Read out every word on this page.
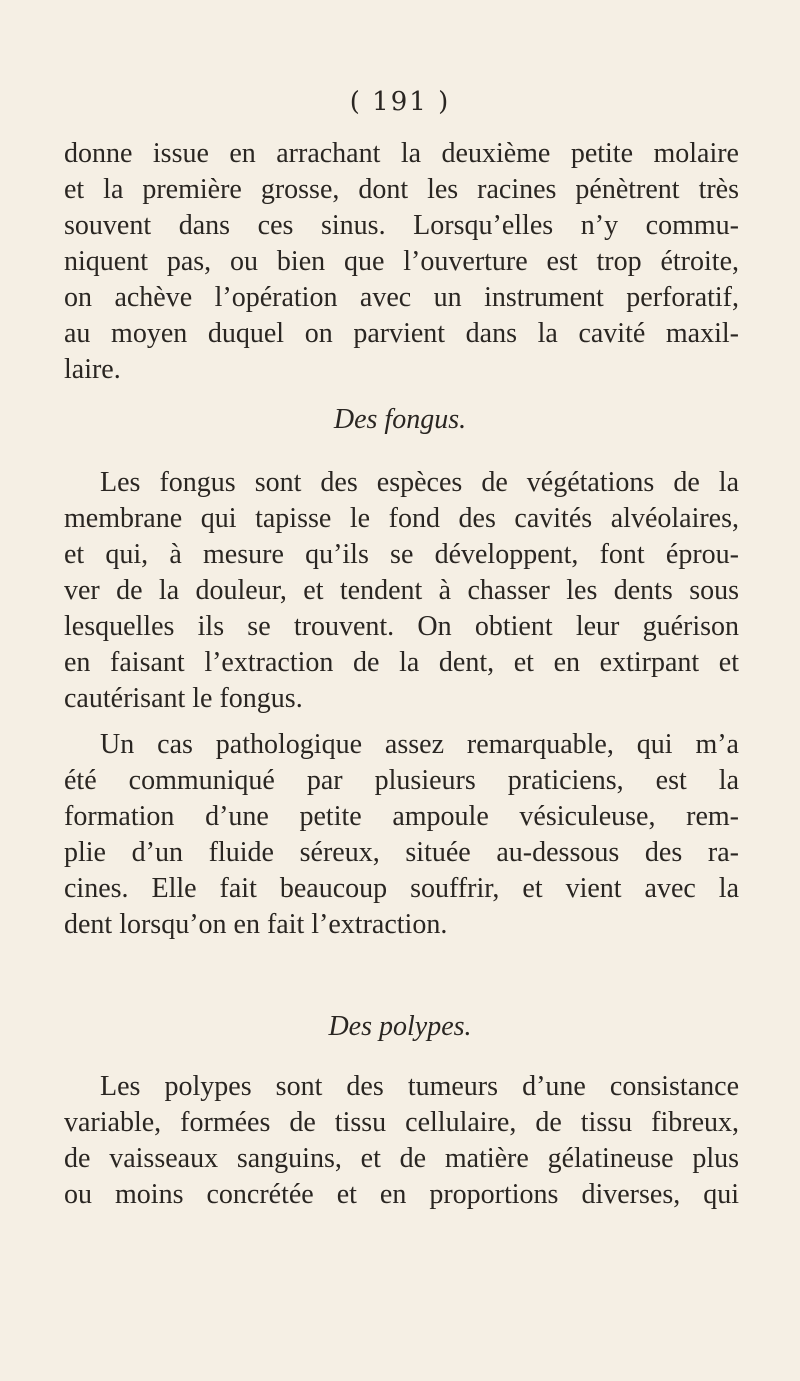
( 191 )
donne issue en arrachant la deuxième petite molaire
et la première grosse, dont les racines pénètrent très
souvent dans ces sinus. Lorsqu’elles n’y commu-
niquent pas, ou bien que l’ouverture est trop étroite,
on achève l’opération avec un instrument perforatif,
au moyen duquel on parvient dans la cavité maxil-
laire.
Des fongus.
Les fongus sont des espèces de végétations de la
membrane qui tapisse le fond des cavités alvéolaires,
et qui, à mesure qu’ils se développent, font éprou-
ver de la douleur, et tendent à chasser les dents sous
lesquelles ils se trouvent. On obtient leur guérison
en faisant l’extraction de la dent, et en extirpant et
cautérisant le fongus.
Un cas pathologique assez remarquable, qui m’a
été communiqué par plusieurs praticiens, est la
formation d’une petite ampoule vésiculeuse, rem-
plie d’un fluide séreux, située au-dessous des ra-
cines. Elle fait beaucoup souffrir, et vient avec la
dent lorsqu’on en fait l’extraction.
Des polypes.
Les polypes sont des tumeurs d’une consistance
variable, formées de tissu cellulaire, de tissu fibreux,
de vaisseaux sanguins, et de matière gélatineuse plus
ou moins concrétée et en proportions diverses, qui
